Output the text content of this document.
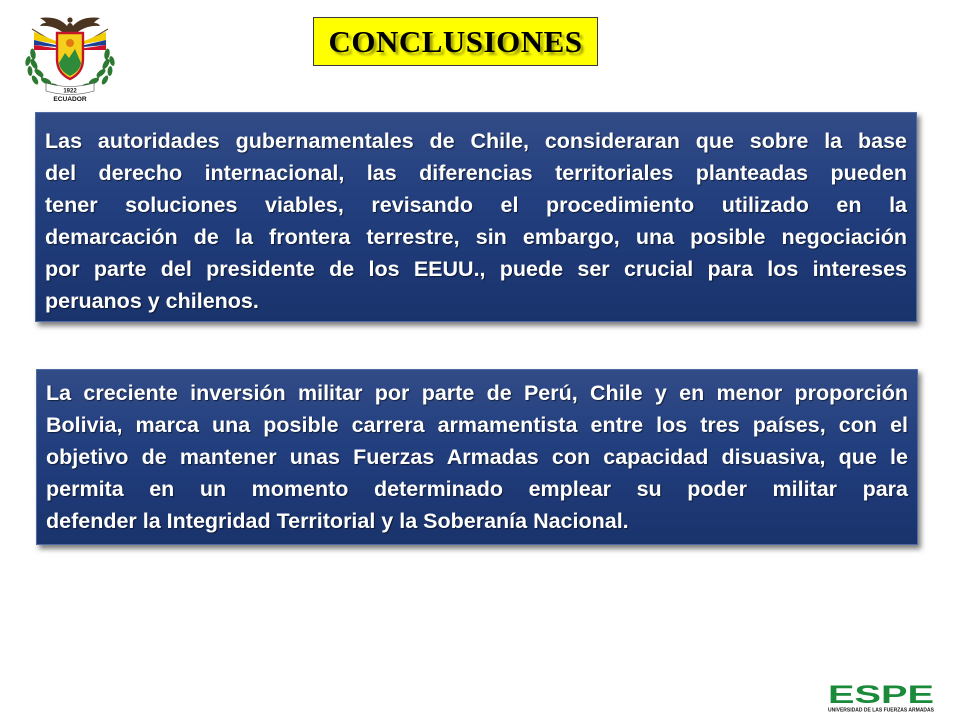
1922
ECUADOR
CONCLUSIONES
Las autoridades gubernamentales de Chile, consideraran que sobre la base
del derecho internacional, las diferencias territoriales planteadas pueden
tener soluciones viables, revisando el procedimiento utilizado en la
demarcación de la frontera terrestre, sin embargo, una posible negociación
por parte del presidente de los EEUU., puede ser crucial para los intereses
peruanos y chilenos.
La creciente inversión militar por parte de Perú, Chile y en menor proporción
Bolivia, marca una posible carrera armamentista entre los tres países, con el
objetivo de mantener unas Fuerzas Armadas con capacidad disuasiva, que le
permita en un momento determinado emplear su poder militar para
defender la Integridad Territorial y la Soberanía Nacional.
ESPE
UNIVERSIDAD DE LAS FUERZAS ARMADAS
